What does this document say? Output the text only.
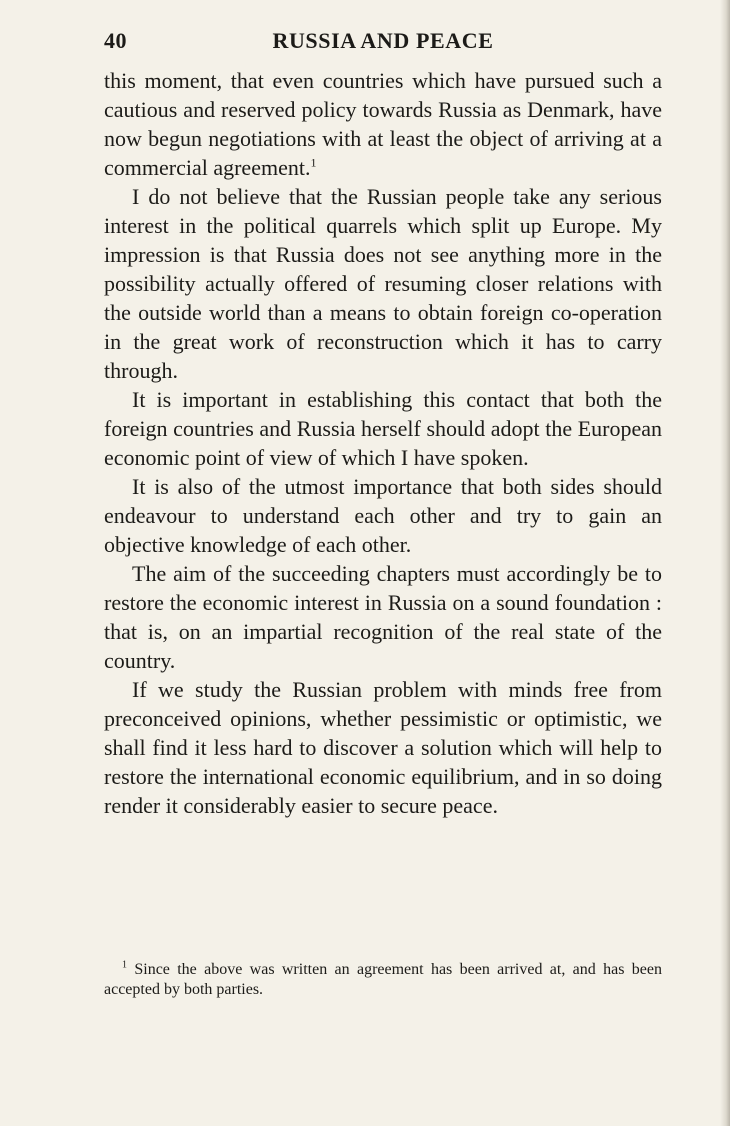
40	RUSSIA AND PEACE

this moment, that even countries which have pursued such a cautious and reserved policy towards Russia as Denmark, have now begun negotiations with at least the object of arriving at a commercial agreement.$^1$

I do not believe that the Russian people take any serious interest in the political quarrels which split up Europe. My impression is that Russia does not see anything more in the possibility actually offered of resuming closer relations with the outside world than a means to obtain foreign co-operation in the great work of reconstruction which it has to carry through.

It is important in establishing this contact that both the foreign countries and Russia herself should adopt the European economic point of view of which I have spoken.

It is also of the utmost importance that both sides should endeavour to understand each other and try to gain an objective knowledge of each other.

The aim of the succeeding chapters must accordingly be to restore the economic interest in Russia on a sound foundation : that is, on an impartial recognition of the real state of the country.

If we study the Russian problem with minds free from preconceived opinions, whether pessimistic or optimistic, we shall find it less hard to discover a solution which will help to restore the international economic equilibrium, and in so doing render it considerably easier to secure peace.

$^1$ Since the above was written an agreement has been arrived at, and has been accepted by both parties.
